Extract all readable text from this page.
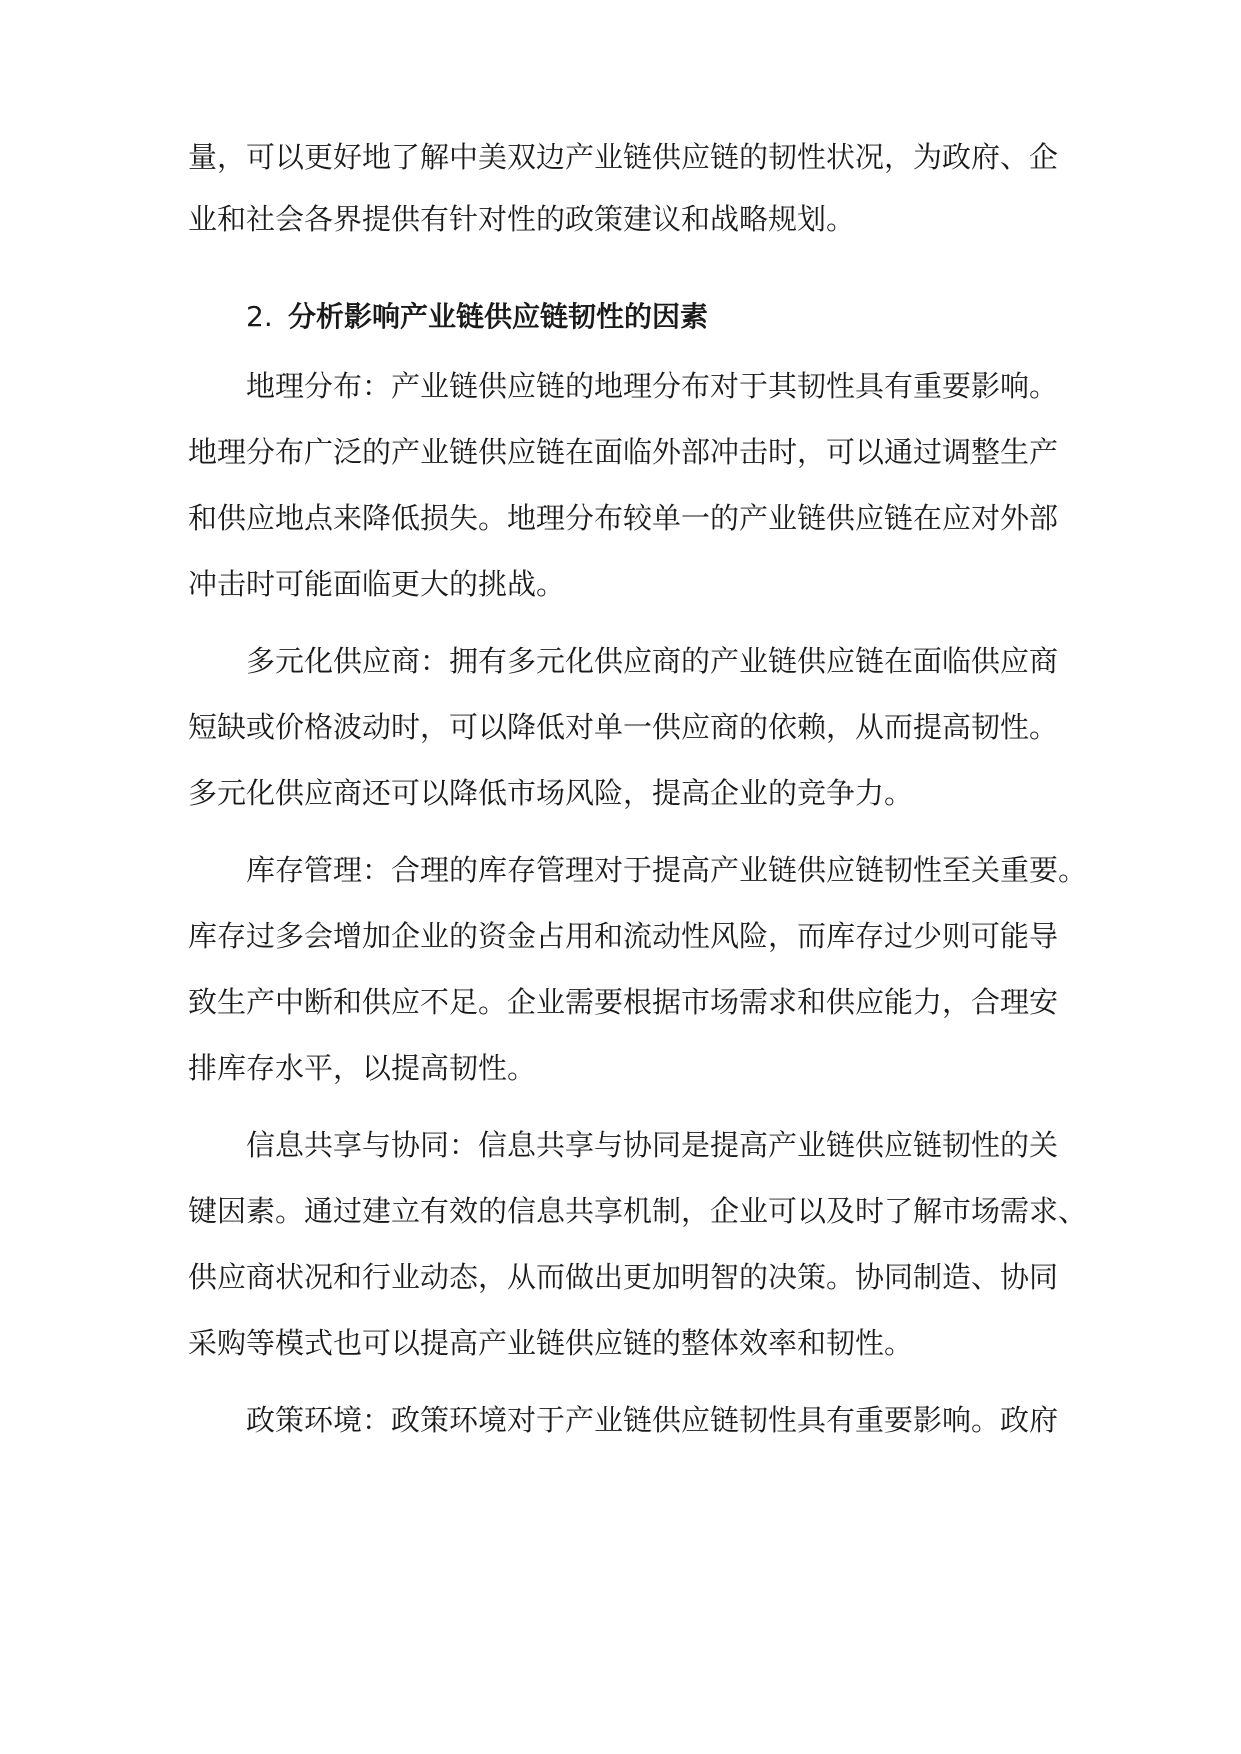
量，可以更好地了解中美双边产业链供应链的韧性状况，为政府、企
业和社会各界提供有针对性的政策建议和战略规划。
2. 分析影响产业链供应链韧性的因素
地理分布：产业链供应链的地理分布对于其韧性具有重要影响。
地理分布广泛的产业链供应链在面临外部冲击时，可以通过调整生产
和供应地点来降低损失。地理分布较单一的产业链供应链在应对外部
冲击时可能面临更大的挑战。
多元化供应商：拥有多元化供应商的产业链供应链在面临供应商
短缺或价格波动时，可以降低对单一供应商的依赖，从而提高韧性。
多元化供应商还可以降低市场风险，提高企业的竞争力。
库存管理：合理的库存管理对于提高产业链供应链韧性至关重要。
库存过多会增加企业的资金占用和流动性风险，而库存过少则可能导
致生产中断和供应不足。企业需要根据市场需求和供应能力，合理安
排库存水平，以提高韧性。
信息共享与协同：信息共享与协同是提高产业链供应链韧性的关
键因素。通过建立有效的信息共享机制，企业可以及时了解市场需求、
供应商状况和行业动态，从而做出更加明智的决策。协同制造、协同
采购等模式也可以提高产业链供应链的整体效率和韧性。
政策环境：政策环境对于产业链供应链韧性具有重要影响。政府
